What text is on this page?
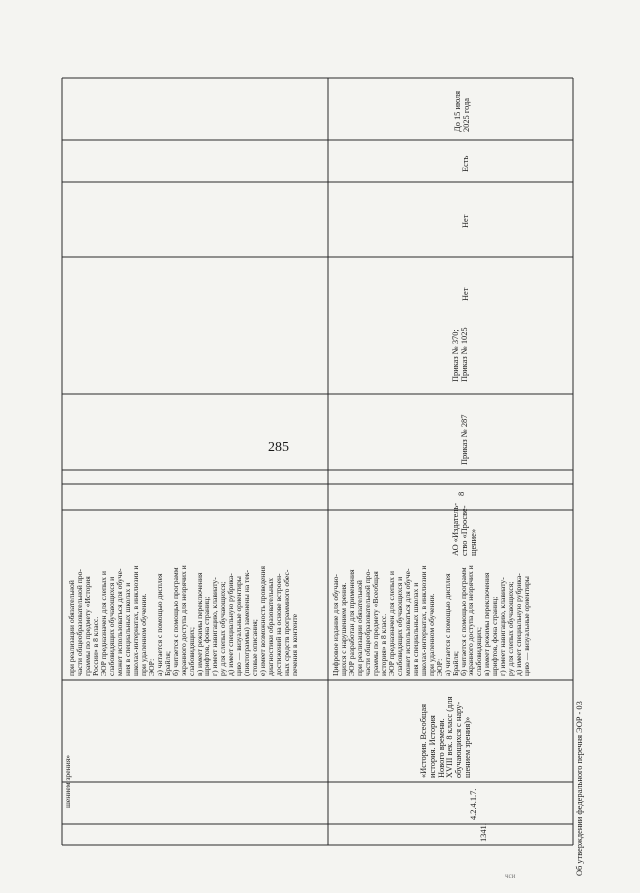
285
шением зрения»
при реализации обязательной
части общеобразовательной про-
граммы по предмету «История
России» в 8 класс.
ЭОР предназначен для слепых и
слабовидящих обучающихся и
может использоваться для обуче-
ния в специальных школах и
школах-интернатах, в инклюзии и
при удаленном обучении.
ЭОР:
а) читается с помощью дисплея
Брайля;
б) читается с помощью программ
экранного доступа для незрячих и
слабовидящих;
в) имеет режимы переключения
шрифтов, фона страниц;
г) имеет навигацию, клавиату-
ру для слепых обучающихся;
д) имеет специальную рубрика-
цию — визуальные ориентиры
(пиктограммы) заменены на тек-
стовые описания;
е) имеет возможность проведения
диагностики образовательных
достижений на основе встроен-
ных средств программного обес-
печения в контенте
1341.
4.2.4.1.7.
«История. Всеобщая история. История Нового времени. XVIII век. 8 класс (для обучающихся с нару- шением зрения)»
Цифровое издание для обучаю-
щихся с нарушением зрения.
ЭОР разработан для применения
при реализации обязательной
части общеобразовательной про-
граммы по предмету «Всеобщая
история» в 8 класс.
ЭОР предназначен для слепых и
слабовидящих обучающихся и
может использоваться для обуче-
ния в специальных школах и
школах-интернатах, в инклюзии и
при удаленном обучении.
ЭОР:
а) читается с помощью дисплея
Брайля;
б) читается с помощью программ
экранного доступа для незрячих и
слабовидящих;
в) имеет режимы переключения
шрифтов, фона страниц;
г) имеет навигацию, клавиату-
ру для слепых обучающихся;
д) имеет специальную рубрика-
цию — визуальные ориентиры
АО «Издатель- ство «Просве- щение»
8
Приказ № 287
Приказ № 370; Приказ № 1025
Нет
Нет
Есть
До 15 июля 2025 года
Об утверждении федерального перечня ЭОР - 03
чси
